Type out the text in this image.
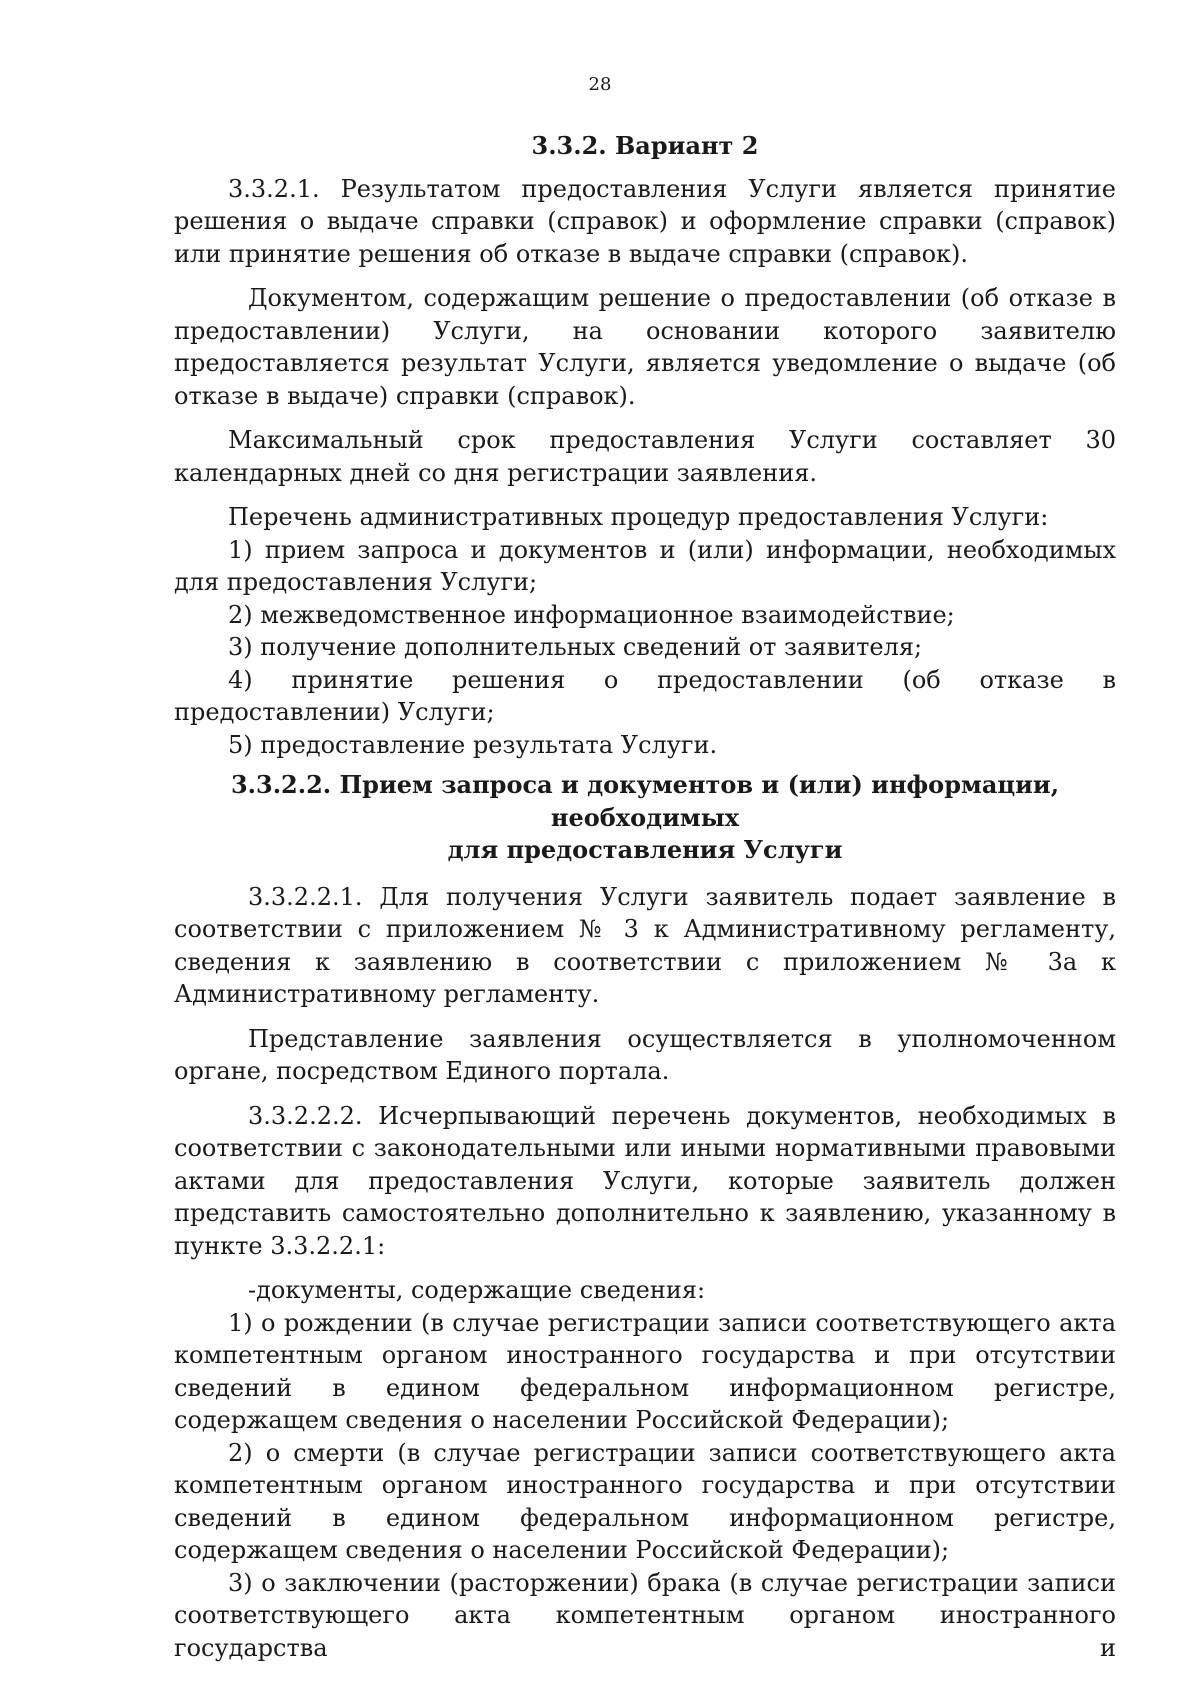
28
3.3.2. Вариант 2

3.3.2.1. Результатом предоставления Услуги является принятие решения о выдаче справки (справок) и оформление справки (справок) или принятие решения об отказе в выдаче справки (справок).

Документом, содержащим решение о предоставлении (об отказе в предоставлении) Услуги, на основании которого заявителю предоставляется результат Услуги, является уведомление о выдаче (об отказе в выдаче) справки (справок).

Максимальный срок предоставления Услуги составляет 30 календарных дней со дня регистрации заявления.

Перечень административных процедур предоставления Услуги:

1) прием запроса и документов и (или) информации, необходимых для предоставления Услуги;

2) межведомственное информационное взаимодействие;

3) получение дополнительных сведений от заявителя;

4) принятие решения о предоставлении (об отказе в предоставлении) Услуги;

5) предоставление результата Услуги.

3.3.2.2. Прием запроса и документов и (или) информации, необходимых
для предоставления Услуги

3.3.2.2.1. Для получения Услуги заявитель подает заявление в соответствии с приложением № 3 к Административному регламенту, сведения к заявлению в соответствии с приложением № 3а к Административному регламенту.

Представление заявления осуществляется в уполномоченном органе, посредством Единого портала.

3.3.2.2.2. Исчерпывающий перечень документов, необходимых в соответствии с законодательными или иными нормативными правовыми актами для предоставления Услуги, которые заявитель должен представить самостоятельно дополнительно к заявлению, указанному в пункте 3.3.2.2.1:

-документы, содержащие сведения:

1) о рождении (в случае регистрации записи соответствующего акта компетентным органом иностранного государства и при отсутствии сведений в едином федеральном информационном регистре, содержащем сведения о населении Российской Федерации);

2) о смерти (в случае регистрации записи соответствующего акта компетентным органом иностранного государства и при отсутствии сведений в едином федеральном информационном регистре, содержащем сведения о населении Российской Федерации);

3) о заключении (расторжении) брака (в случае регистрации записи соответствующего акта компетентным органом иностранного государства и
